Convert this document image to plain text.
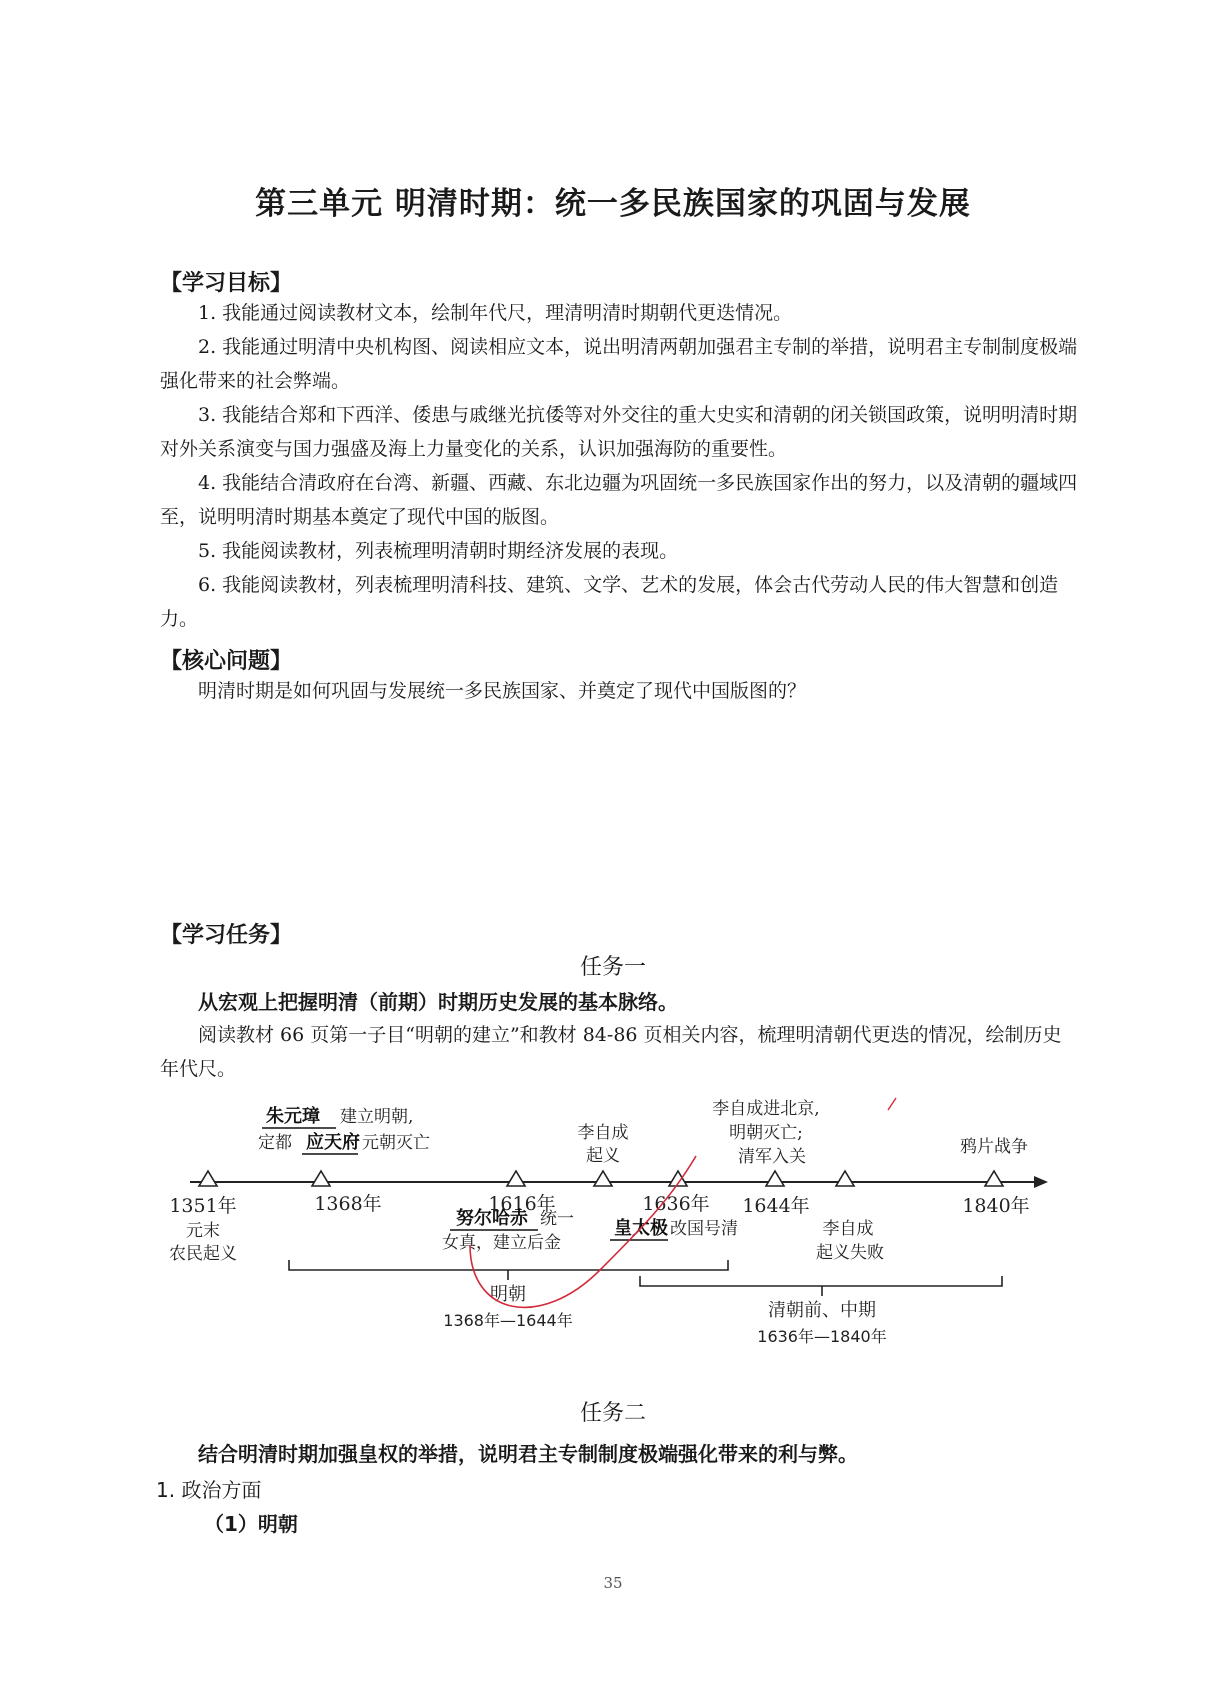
第三单元 明清时期：统一多民族国家的巩固与发展
【学习目标】

1. 我能通过阅读教材文本，绘制年代尺，理清明清时期朝代更迭情况。

2. 我能通过明清中央机构图、阅读相应文本，说出明清两朝加强君主专制的举措，说明君主专制制度极端强化带来的社会弊端。

3. 我能结合郑和下西洋、倭患与戚继光抗倭等对外交往的重大史实和清朝的闭关锁国政策，说明明清时期对外关系演变与国力强盛及海上力量变化的关系，认识加强海防的重要性。

4. 我能结合清政府在台湾、新疆、西藏、东北边疆为巩固统一多民族国家作出的努力，以及清朝的疆域四至，说明明清时期基本奠定了现代中国的版图。

5. 我能阅读教材，列表梳理明清朝时期经济发展的表现。

6. 我能阅读教材，列表梳理明清科技、建筑、文学、艺术的发展，体会古代劳动人民的伟大智慧和创造力。

【核心问题】

明清时期是如何巩固与发展统一多民族国家、并奠定了现代中国版图的？

【学习任务】
任务一
从宏观上把握明清（前期）时期历史发展的基本脉络。

阅读教材 66 页第一子目“明朝的建立”和教材 84-86 页相关内容，梳理明清朝代更迭的情况，绘制历史年代尺。

1351年	1368年	1616年	1636年 1644年	1840年
元末
农民起义
朱元璋 建立明朝,
定都 应天府 元朝灭亡
努尔哈赤 统一
女真，建立后金
李自成
起义
皇太极 改国号清
李自成进北京,
明朝灭亡;
清军入关
李自成
起义失败
鸦片战争
明朝
1368年—1644年	清朝前、中期
1636年—1840年
任务二
结合明清时期加强皇权的举措，说明君主专制制度极端强化带来的利与弊。
1. 政治方面
（1）明朝
35
